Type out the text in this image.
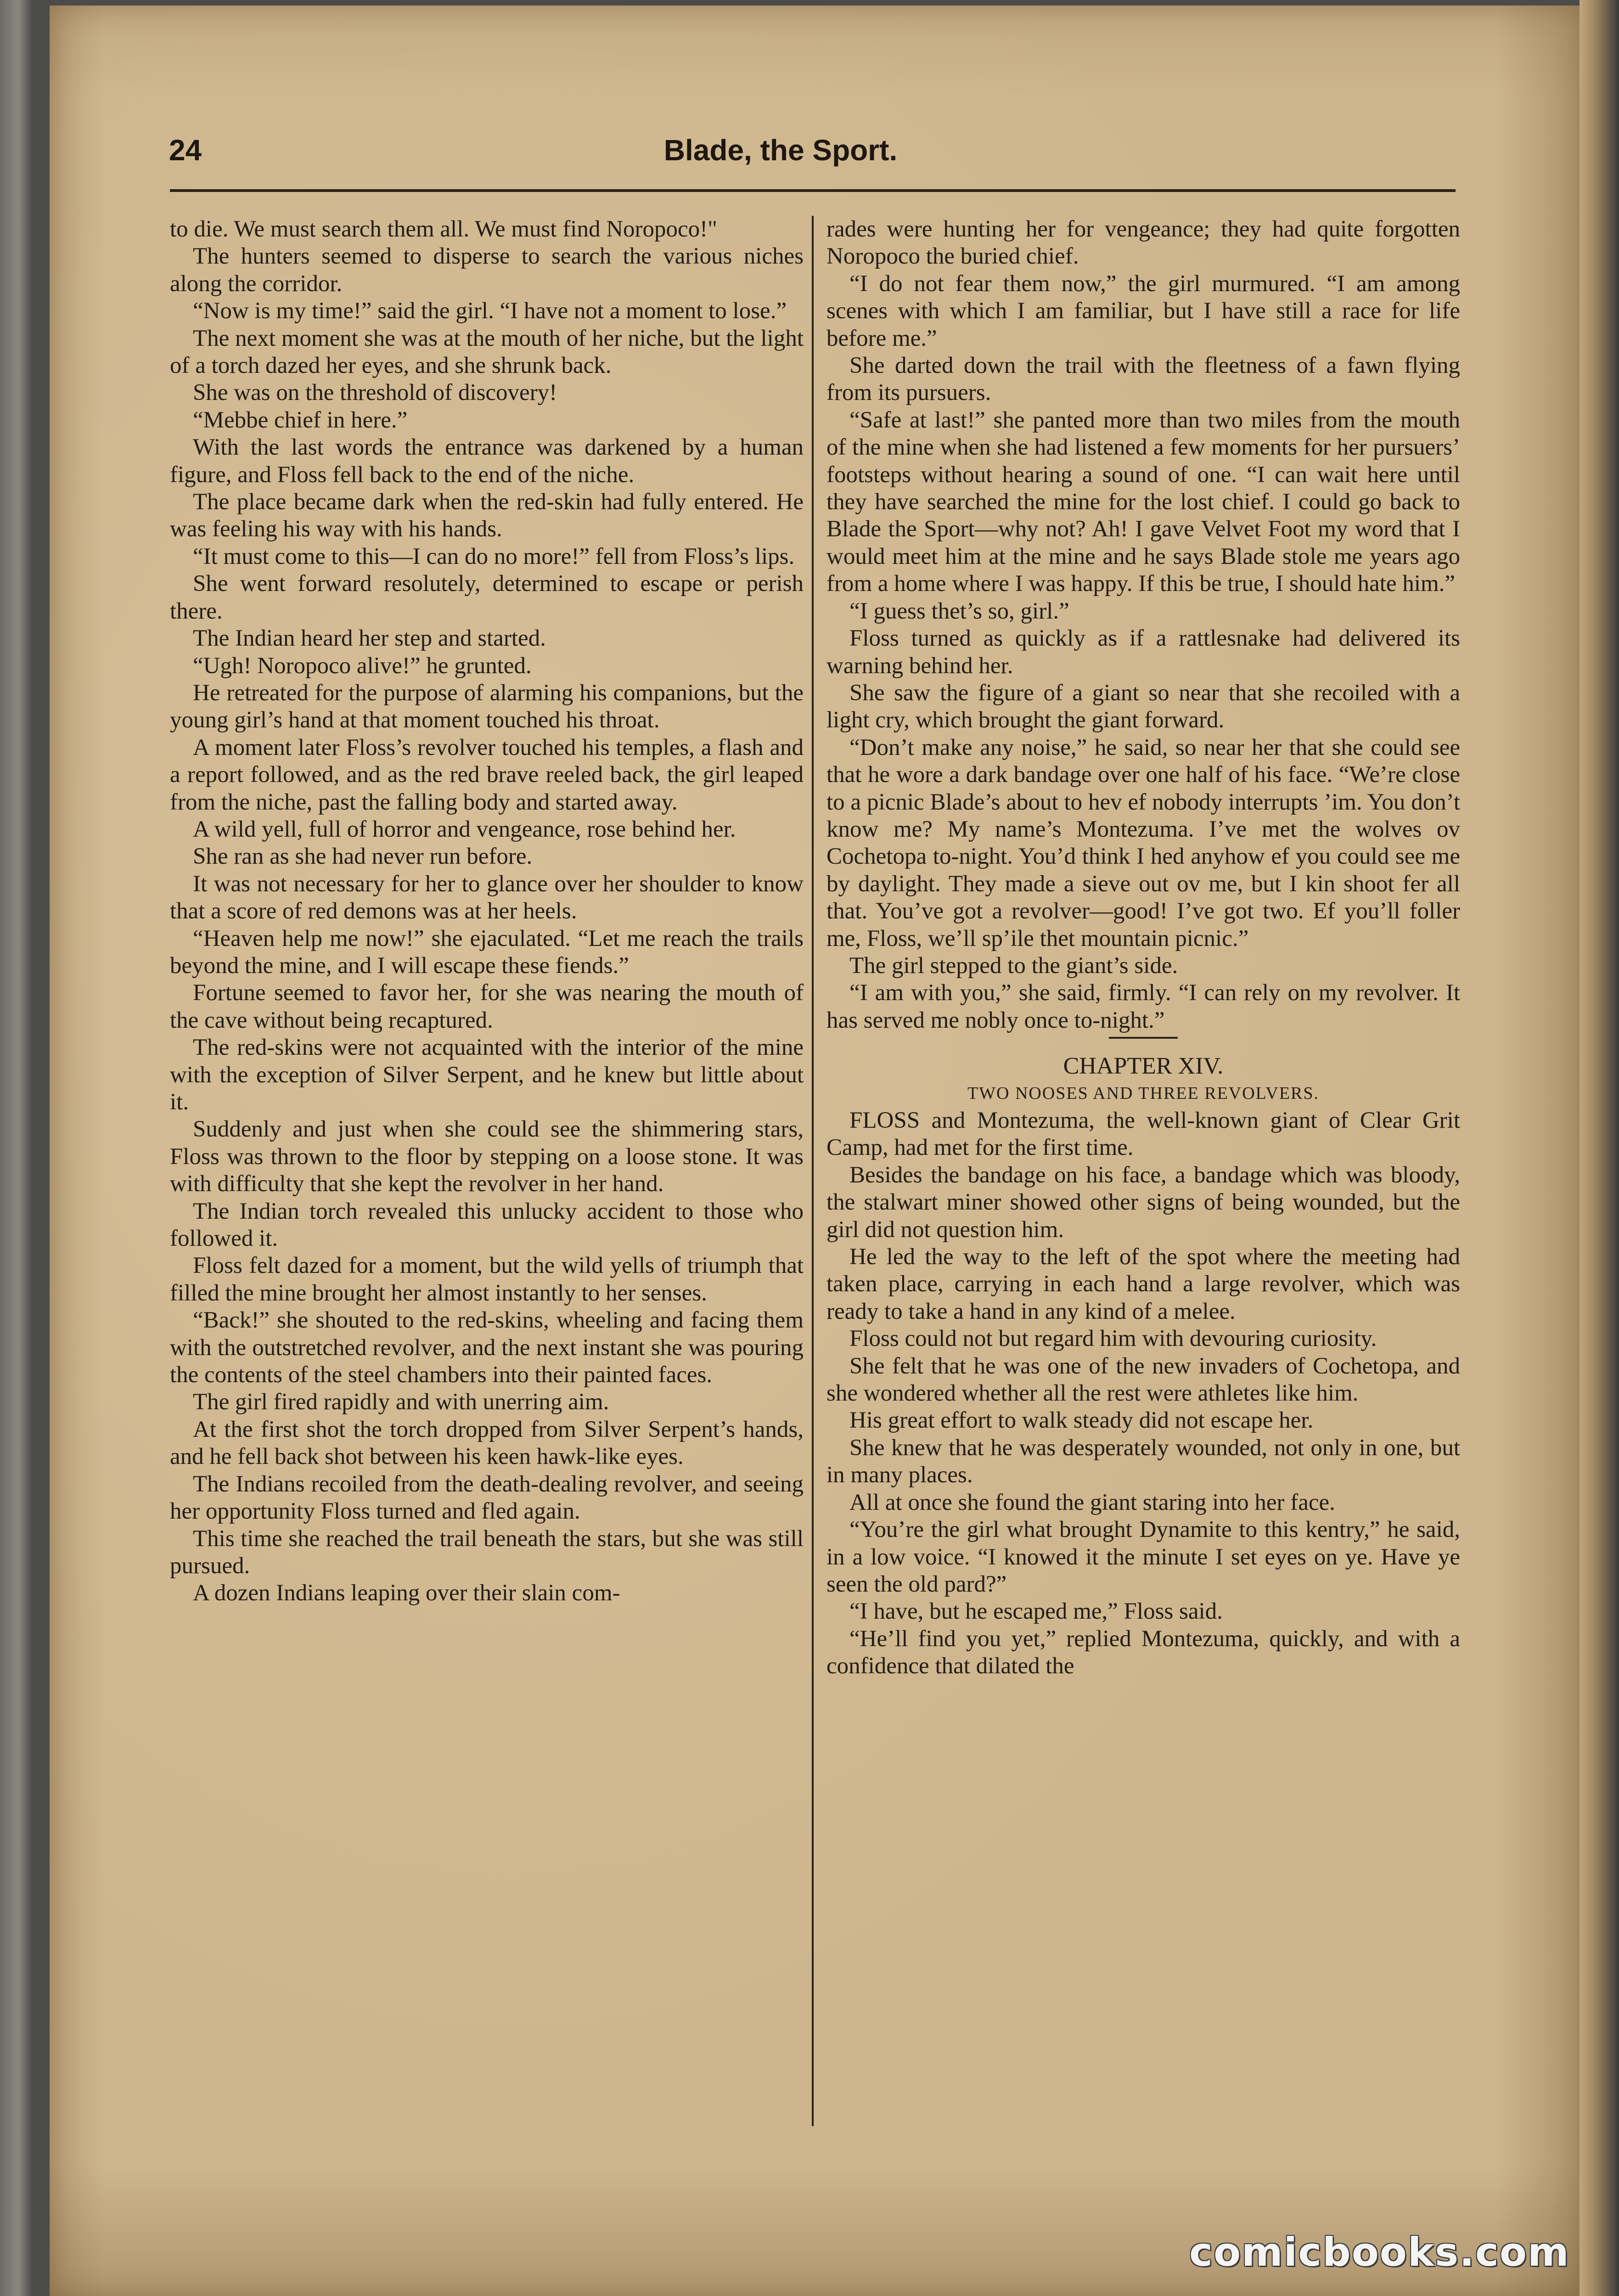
24	Blade, the Sport.

to die. We must search them all. We must find Noropoco!"

The hunters seemed to disperse to search the various niches along the corridor.

“Now is my time!” said the girl. “I have not a moment to lose.”

The next moment she was at the mouth of her niche, but the light of a torch dazed her eyes, and she shrunk back.

She was on the threshold of discovery!

“Mebbe chief in here.”

With the last words the entrance was darkened by a human figure, and Floss fell back to the end of the niche.

The place became dark when the red-skin had fully entered. He was feeling his way with his hands.

“It must come to this—I can do no more!” fell from Floss’s lips.

She went forward resolutely, determined to escape or perish there.

The Indian heard her step and started.

“Ugh! Noropoco alive!” he grunted.

He retreated for the purpose of alarming his companions, but the young girl’s hand at that moment touched his throat.

A moment later Floss’s revolver touched his temples, a flash and a report followed, and as the red brave reeled back, the girl leaped from the niche, past the falling body and started away.

A wild yell, full of horror and vengeance, rose behind her.

She ran as she had never run before.

It was not necessary for her to glance over her shoulder to know that a score of red demons was at her heels.

“Heaven help me now!” she ejaculated. “Let me reach the trails beyond the mine, and I will escape these fiends.”

Fortune seemed to favor her, for she was nearing the mouth of the cave without being recaptured.

The red-skins were not acquainted with the interior of the mine with the exception of Silver Serpent, and he knew but little about it.

Suddenly and just when she could see the shimmering stars, Floss was thrown to the floor by stepping on a loose stone. It was with difficulty that she kept the revolver in her hand.

The Indian torch revealed this unlucky accident to those who followed it.

Floss felt dazed for a moment, but the wild yells of triumph that filled the mine brought her almost instantly to her senses.

“Back!” she shouted to the red-skins, wheeling and facing them with the outstretched revolver, and the next instant she was pouring the contents of the steel chambers into their painted faces.

The girl fired rapidly and with unerring aim.

At the first shot the torch dropped from Silver Serpent’s hands, and he fell back shot between his keen hawk-like eyes.

The Indians recoiled from the death-dealing revolver, and seeing her opportunity Floss turned and fled again.

This time she reached the trail beneath the stars, but she was still pursued.

A dozen Indians leaping over their slain com-

rades were hunting her for vengeance; they had quite forgotten Noropoco the buried chief.

“I do not fear them now,” the girl murmured. “I am among scenes with which I am familiar, but I have still a race for life before me.”

She darted down the trail with the fleetness of a fawn flying from its pursuers.

“Safe at last!” she panted more than two miles from the mouth of the mine when she had listened a few moments for her pursuers’ footsteps without hearing a sound of one. “I can wait here until they have searched the mine for the lost chief. I could go back to Blade the Sport—why not? Ah! I gave Velvet Foot my word that I would meet him at the mine and he says Blade stole me years ago from a home where I was happy. If this be true, I should hate him.”

“I guess thet’s so, girl.”

Floss turned as quickly as if a rattlesnake had delivered its warning behind her.

She saw the figure of a giant so near that she recoiled with a light cry, which brought the giant forward.

“Don’t make any noise,” he said, so near her that she could see that he wore a dark bandage over one half of his face. “We’re close to a picnic Blade’s about to hev ef nobody interrupts ’im. You don’t know me? My name’s Montezuma. I’ve met the wolves ov Cochetopa to-night. You’d think I hed anyhow ef you could see me by daylight. They made a sieve out ov me, but I kin shoot fer all that. You’ve got a revolver—good! I’ve got two. Ef you’ll foller me, Floss, we’ll sp’ile thet mountain picnic.”

The girl stepped to the giant’s side.

“I am with you,” she said, firmly. “I can rely on my revolver. It has served me nobly once to-night.”

CHAPTER XIV.

TWO NOOSES AND THREE REVOLVERS.

FLOSS and Montezuma, the well-known giant of Clear Grit Camp, had met for the first time.

Besides the bandage on his face, a bandage which was bloody, the stalwart miner showed other signs of being wounded, but the girl did not question him.

He led the way to the left of the spot where the meeting had taken place, carrying in each hand a large revolver, which was ready to take a hand in any kind of a melee.

Floss could not but regard him with devouring curiosity.

She felt that he was one of the new invaders of Cochetopa, and she wondered whether all the rest were athletes like him.

His great effort to walk steady did not escape her.

She knew that he was desperately wounded, not only in one, but in many places.

All at once she found the giant staring into her face.

“You’re the girl what brought Dynamite to this kentry,” he said, in a low voice. “I knowed it the minute I set eyes on ye. Have ye seen the old pard?”

“I have, but he escaped me,” Floss said.

“He’ll find you yet,” replied Montezuma, quickly, and with a confidence that dilated the

comicbooks.com
